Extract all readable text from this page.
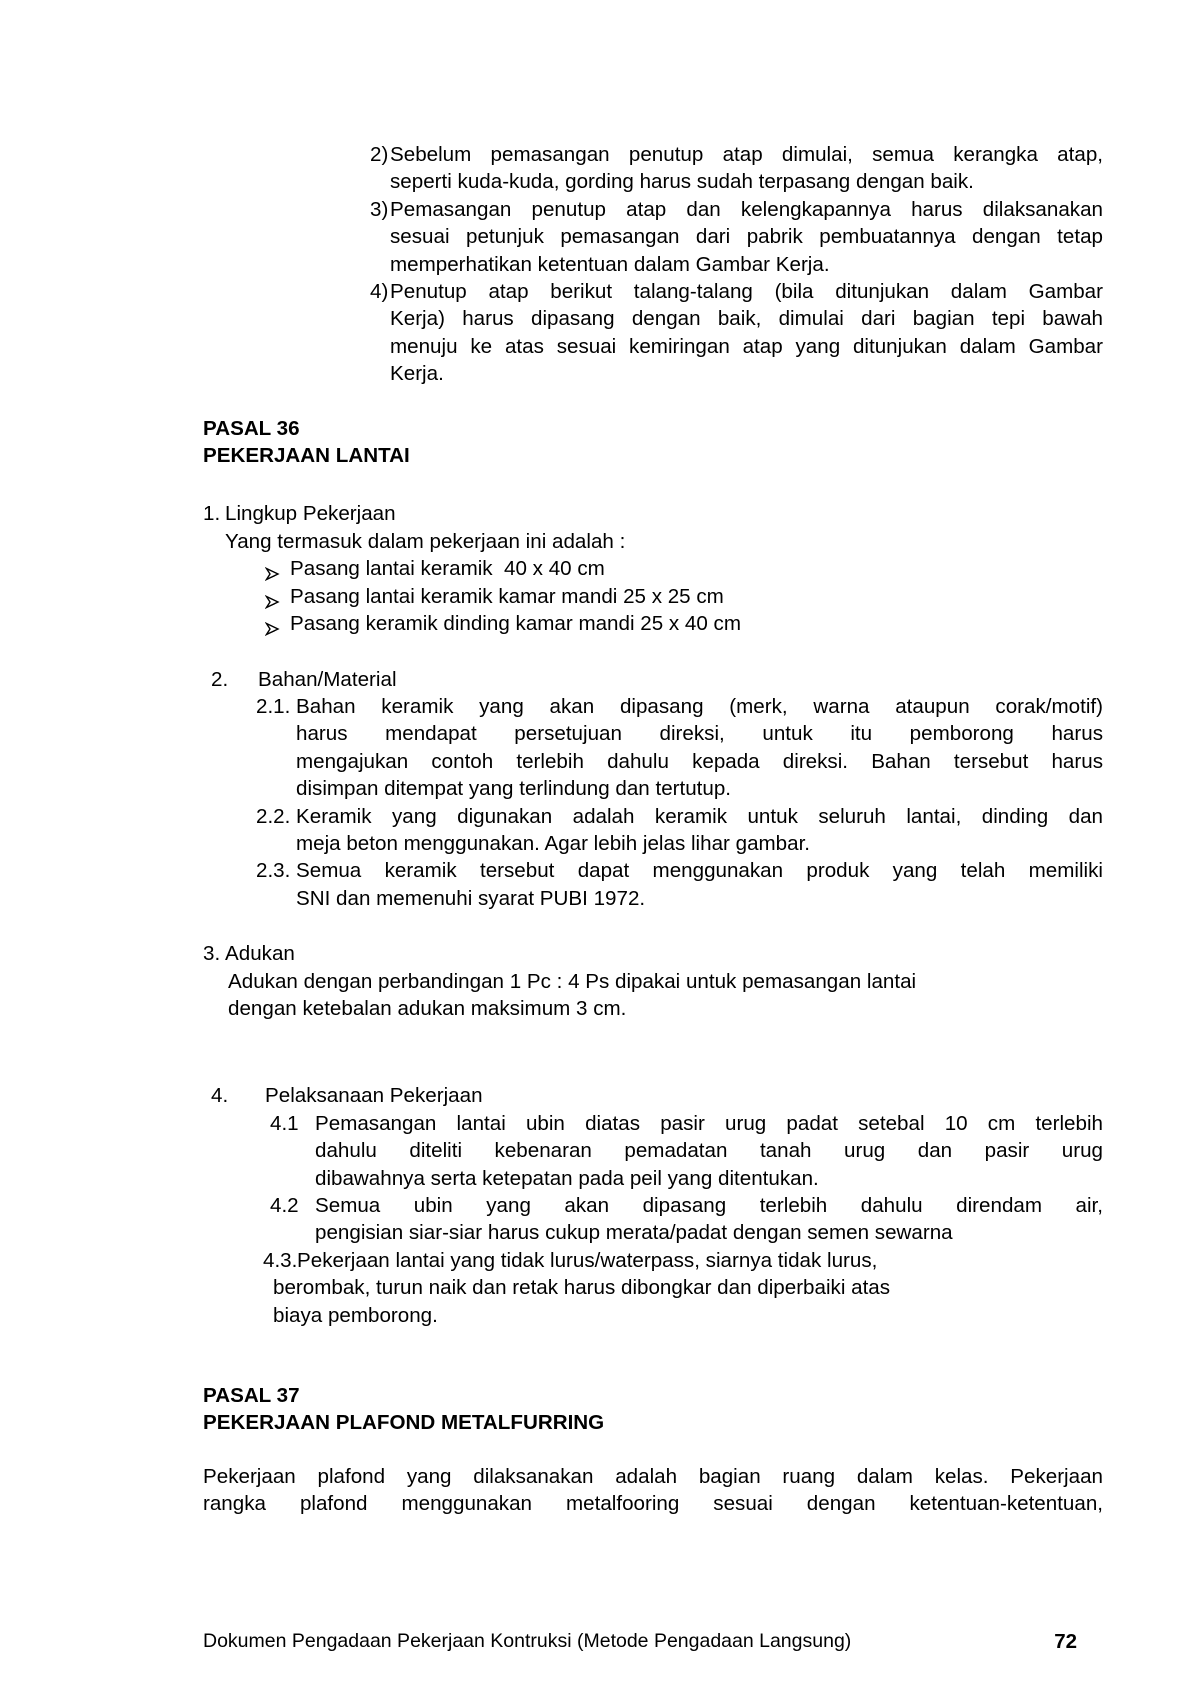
2) Sebelum pemasangan penutup atap dimulai, semua kerangka atap,
seperti kuda-kuda, gording harus sudah terpasang dengan baik.
3) Pemasangan penutup atap dan kelengkapannya harus dilaksanakan
sesuai petunjuk pemasangan dari pabrik pembuatannya dengan tetap
memperhatikan ketentuan dalam Gambar Kerja.
4) Penutup atap berikut talang-talang (bila ditunjukan dalam Gambar
Kerja) harus dipasang dengan baik, dimulai dari bagian tepi bawah
menuju ke atas sesuai kemiringan atap yang ditunjukan dalam Gambar
Kerja.
PASAL 36
PEKERJAAN LANTAI
1. Lingkup Pekerjaan
Yang termasuk dalam pekerjaan ini adalah :
Pasang lantai keramik  40 x 40 cm
Pasang lantai keramik kamar mandi 25 x 25 cm
Pasang keramik dinding kamar mandi 25 x 40 cm
2. Bahan/Material
2.1. Bahan keramik yang akan dipasang (merk, warna ataupun corak/motif)
harus mendapat persetujuan direksi, untuk itu pemborong harus
mengajukan contoh terlebih dahulu kepada direksi. Bahan tersebut harus
disimpan ditempat yang terlindung dan tertutup.
2.2. Keramik yang digunakan adalah keramik untuk seluruh lantai, dinding dan
meja beton menggunakan. Agar lebih jelas lihar gambar.
2.3. Semua keramik tersebut dapat menggunakan produk yang telah memiliki
SNI dan memenuhi syarat PUBI 1972.
3. Adukan
Adukan dengan perbandingan 1 Pc : 4 Ps dipakai untuk pemasangan lantai
dengan ketebalan adukan maksimum 3 cm.
4. Pelaksanaan Pekerjaan
4.1 Pemasangan lantai ubin diatas pasir urug padat setebal 10 cm terlebih
dahulu diteliti kebenaran pemadatan tanah urug dan pasir urug
dibawahnya serta ketepatan pada peil yang ditentukan.
4.2 Semua ubin yang akan dipasang terlebih dahulu direndam air,
pengisian siar-siar harus cukup merata/padat dengan semen sewarna
4.3. Pekerjaan lantai yang tidak lurus/waterpass, siarnya tidak lurus,
berombak, turun naik dan retak harus dibongkar dan diperbaiki atas
biaya pemborong.
PASAL 37
PEKERJAAN PLAFOND METALFURRING
Pekerjaan plafond yang dilaksanakan adalah bagian ruang dalam kelas. Pekerjaan
rangka plafond menggunakan metalfooring sesuai dengan ketentuan-ketentuan,
Dokumen Pengadaan Pekerjaan Kontruksi (Metode Pengadaan Langsung)	72
